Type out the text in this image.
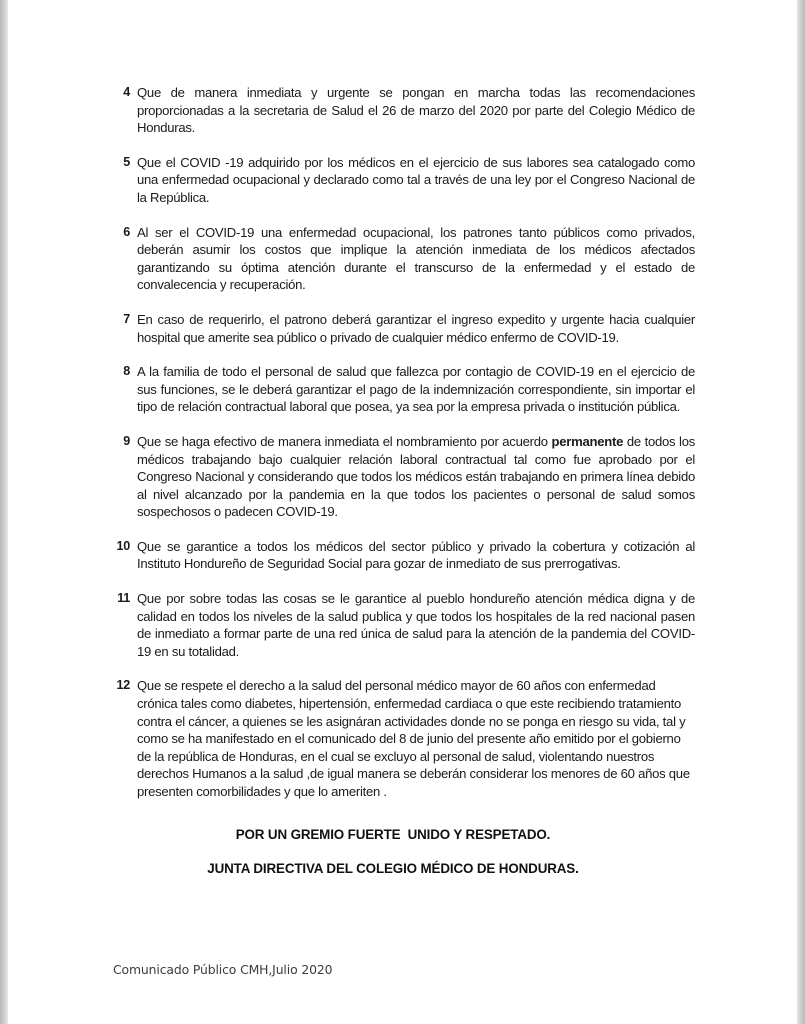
4 Que de manera inmediata y urgente se pongan en marcha todas las recomendaciones proporcionadas a la secretaria de Salud el 26 de marzo del 2020 por parte del Colegio Médico de Honduras.
5 Que el COVID -19 adquirido por los médicos en el ejercicio de sus labores sea catalogado como una enfermedad ocupacional y declarado como tal a través de una ley por el Congreso Nacional de la República.
6 Al ser el COVID-19 una enfermedad ocupacional, los patrones tanto públicos como privados, deberán asumir los costos que implique la atención inmediata de los médicos afectados garantizando su óptima atención durante el transcurso de la enfermedad y el estado de convalecencia y recuperación.
7 En caso de requerirlo, el patrono deberá garantizar el ingreso expedito y urgente hacia cualquier hospital que amerite sea público o privado de cualquier médico enfermo de COVID-19.
8 A la familia de todo el personal de salud que fallezca por contagio de COVID-19 en el ejercicio de sus funciones, se le deberá garantizar el pago de la indemnización correspondiente, sin importar el tipo de relación contractual laboral que posea, ya sea por la empresa privada o institución pública.
9 Que se haga efectivo de manera inmediata el nombramiento por acuerdo permanente de todos los médicos trabajando bajo cualquier relación laboral contractual tal como fue aprobado por el Congreso Nacional y considerando que todos los médicos están trabajando en primera línea debido al nivel alcanzado por la pandemia en la que todos los pacientes o personal de salud somos sospechosos o padecen COVID-19.
10 Que se garantice a todos los médicos del sector público y privado la cobertura y cotización al Instituto Hondureño de Seguridad Social para gozar de inmediato de sus prerrogativas.
11 Que por sobre todas las cosas se le garantice al pueblo hondureño atención médica digna y de calidad en todos los niveles de la salud publica y que todos los hospitales de la red nacional pasen de inmediato a formar parte de una red única de salud para la atención de la pandemia del COVID-19 en su totalidad.
12 Que se respete el derecho a la salud del personal médico mayor de 60 años con enfermedad crónica tales como diabetes, hipertensión, enfermedad cardiaca o que este recibiendo tratamiento contra el cáncer, a quienes se les asignáran actividades donde no se ponga en riesgo su vida, tal y como se ha manifestado en el comunicado del 8 de junio del presente año emitido por el gobierno de la república de Honduras, en el cual se excluyo al personal de salud, violentando nuestros derechos Humanos a la salud ,de igual manera se deberán considerar los menores de 60 años que presenten comorbilidades y que lo ameriten .
POR UN GREMIO FUERTE  UNIDO Y RESPETADO.
JUNTA DIRECTIVA DEL COLEGIO MÉDICO DE HONDURAS.
Comunicado Público CMH,Julio 2020
